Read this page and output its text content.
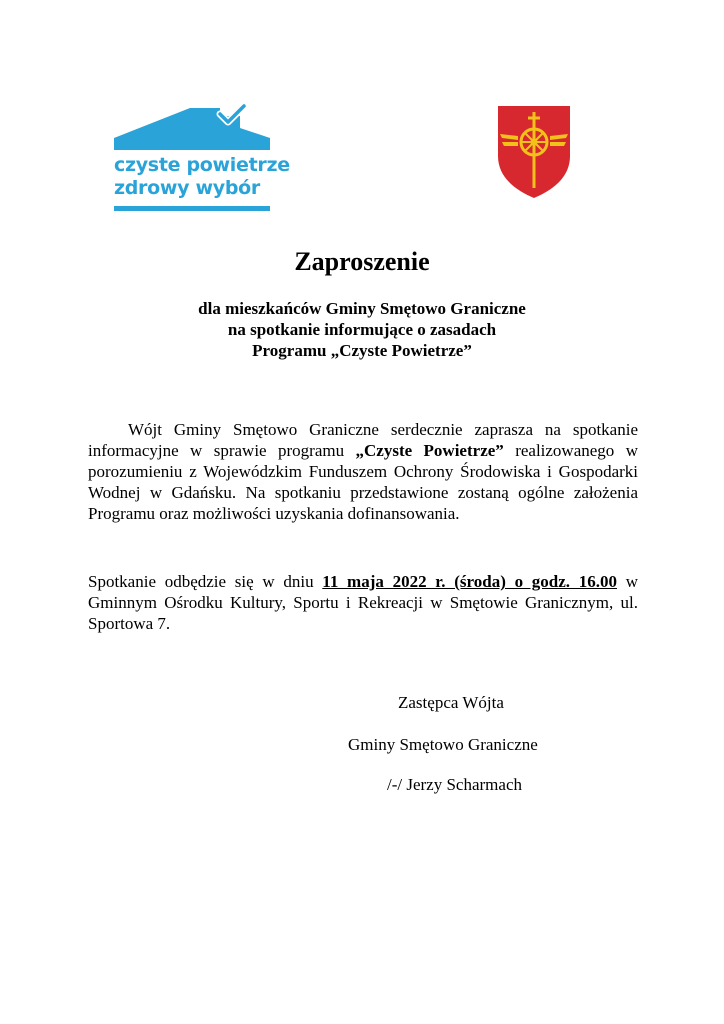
czyste powietrze
zdrowy wybór
Zaproszenie
dla mieszkańców Gminy Smętowo Graniczne
na spotkanie informujące o zasadach
Programu „Czyste Powietrze”
Wójt Gminy Smętowo Graniczne serdecznie zaprasza na spotkanie informacyjne w sprawie programu „Czyste Powietrze” realizowanego w porozumieniu z Wojewódzkim Funduszem Ochrony Środowiska i Gospodarki Wodnej w Gdańsku. Na spotkaniu przedstawione zostaną ogólne założenia Programu oraz możliwości uzyskania dofinansowania.
Spotkanie odbędzie się w dniu 11 maja 2022 r. (środa) o godz. 16.00 w Gminnym Ośrodku Kultury, Sportu i Rekreacji w Smętowie Granicznym, ul. Sportowa 7.
Zastępca Wójta
Gminy Smętowo Graniczne
/-/ Jerzy Scharmach
